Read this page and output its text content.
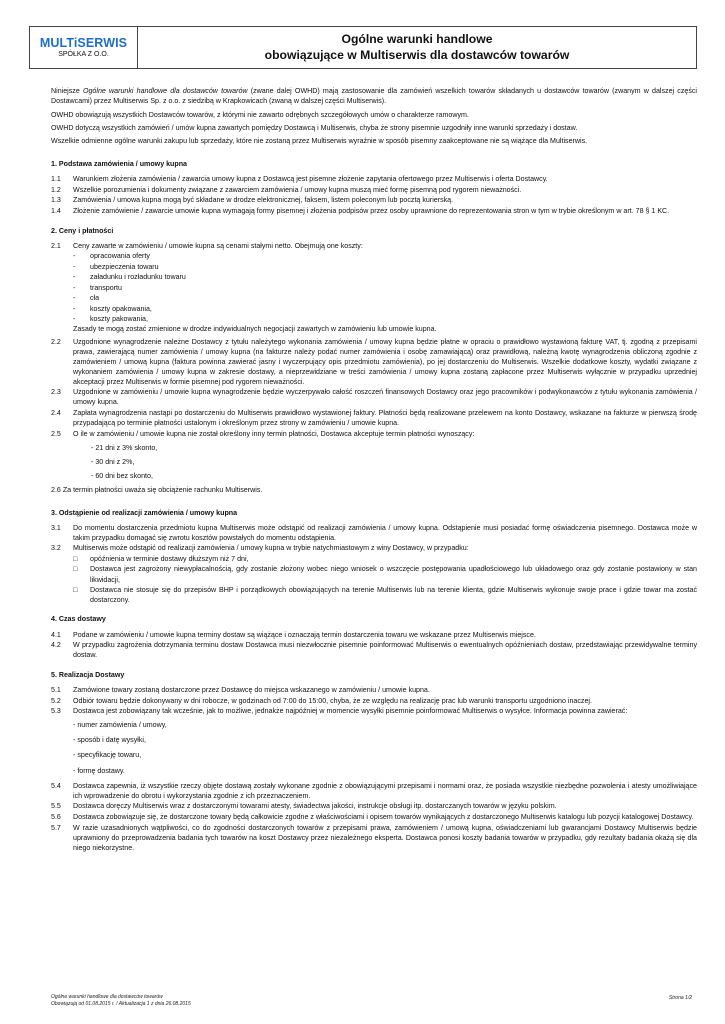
MULTiSERWIS
SPÓŁKA Z O.O.
Ogólne warunki handlowe
obowiązujące w Multiserwis dla dostawców towarów
Niniejsze Ogólne warunki handlowe dla dostawców towarów (zwane dalej OWHD) mają zastosowanie dla zamówień wszelkich towarów składanych u dostawców towarów (zwanym w dalszej części Dostawcami) przez Multiserwis Sp. z o.o. z siedzibą w Krapkowicach (zwaną w dalszej części Multiserwis).
OWHD obowiązują wszystkich Dostawców towarów, z którymi nie zawarto odrębnych szczegółowych umów o charakterze ramowym.
OWHD dotyczą wszystkich zamówień / umów kupna zawartych pomiędzy Dostawcą i Multiserwis, chyba że strony pisemnie uzgodniły inne warunki sprzedaży i dostaw.
Wszelkie odmienne ogólne warunki zakupu lub sprzedaży, które nie zostaną przez Multiserwis wyraźnie w sposób pisemny zaakceptowane nie są wiążące dla Multiserwis.
1. Podstawa zamówienia / umowy kupna
1.1	Warunkiem złożenia zamówienia / zawarcia umowy kupna z Dostawcą jest pisemne złożenie zapytania ofertowego przez Multiserwis i oferta Dostawcy.
1.2	Wszelkie porozumienia i dokumenty związane z zawarciem zamówienia / umowy kupna muszą mieć formę pisemną pod rygorem nieważności.
1.3	Zamówienia / umowa kupna mogą być składane w drodze elektronicznej, faksem, listem poleconym lub pocztą kurierską.
1.4	Złożenie zamówienie / zawarcie umowie kupna wymagają formy pisemnej i złożenia podpisów przez osoby uprawnione do reprezentowania stron w tym w trybie określonym w art. 78 § 1 KC.
2. Ceny i płatności
2.1	Ceny zawarte w zamówieniu / umowie kupna są cenami stałymi netto. Obejmują one koszty:
-	opracowania oferty
-	ubezpieczenia towaru
-	załadunku i rozładunku towaru
-	transportu
-	cła
-	koszty opakowania,
-	koszty pakowania,
Zasady te mogą zostać zmienione w drodze indywidualnych negocjacji zawartych w zamówieniu lub umowie kupna.
2.2	Uzgodnione wynagrodzenie należne Dostawcy z tytułu należytego wykonania zamówienia / umowy kupna będzie płatne w opraciu o prawidłowo wystawioną fakturę VAT, tj. zgodną z przepisami prawa, zawierającą numer zamówienia / umowy kupna (na fakturze należy podać numer zamówienia i osobę zamawiającą) oraz prawidłową, należną kwotę wynagrodzenia obliczoną zgodnie z zamówieniem / umową kupna (faktura powinna zawierać jasny i wyczerpujący opis przedmiotu zamówienia), po jej dostarczeniu do Multiserwis. Wszelkie dodatkowe koszty, wydatki związane z wykonaniem zamówienia / umowy kupna w zakresie dostawy, a nieprzewidziane w treści zamówienia / umowy kupna zostaną zapłacone przez Multiserwis wyłącznie w przypadku uprzedniej akceptacji przez Multiserwis w formie pisemnej pod rygorem nieważności.
2.3	Uzgodnione w zamówieniu / umowie kupna wynagrodzenie będzie wyczerpywało całość roszczeń finansowych Dostawcy oraz jego pracowników i podwykonawców z tytułu wykonania zamówienia / umowy kupna.
2.4	Zapłata wynagrodzenia nastąpi po dostarczeniu do Multiserwis prawidłowo wystawionej faktury. Płatności będą realizowane przelewem na konto Dostawcy, wskazane na fakturze w pierwszą środę przypadającą po terminie płatności ustalonym i określonym przez strony w zamówieniu / umowie kupna.
2.5	O ile w zamówieniu / umowie kupna nie został określony inny termin płatności, Dostawca akceptuje termin płatności wynoszący:
- 21 dni z 3% skonto,
- 30 dni z 2%,
- 60 dni bez skonto,
2.6 Za termin płatności uważa się obciążenie rachunku Multiserwis.
3. Odstąpienie od realizacji zamówienia / umowy kupna
3.1	Do momentu dostarczenia przedmiotu kupna Multiserwis może odstąpić od realizacji zamówienia / umowy kupna. Odstąpienie musi posiadać formę oświadczenia pisemnego. Dostawca może w takim przypadku domagać się zwrotu kosztów powstałych do momentu odstąpienia.
3.2	Multiserwis może odstąpić od realizacji zamówienia / umowy kupna w trybie natychmiastowym z winy Dostawcy, w przypadku:
□	opóźnienia w terminie dostawy dłuższym niż 7 dni,
□	Dostawca jest zagrożony niewypłacalnością, gdy zostanie złożony wobec niego wniosek o wszczęcie postępowania upadłościowego lub układowego oraz gdy zostanie postawiony w stan likwidacji,
□	Dostawca nie stosuje się do przepisów BHP i porządkowych obowiązujących na terenie Multiserwis lub na terenie klienta, gdzie Multiserwis wykonuje swoje prace i gdzie towar ma zostać dostarczony.
4. Czas dostawy
4.1	Podane w zamówieniu / umowie kupna terminy dostaw są wiążące i oznaczają termin dostarczenia towaru we wskazane przez Multiserwis miejsce.
4.2	W przypadku zagrożenia dotrzymania terminu dostaw Dostawca musi niezwłocznie pisemnie poinformować Multiserwis o ewentualnych opóźnieniach dostaw, przedstawiając przewidywalne terminy dostaw.
5. Realizacja Dostawy
5.1	Zamówione towary zostaną dostarczone przez Dostawcę do miejsca wskazanego w zamówieniu / umowie kupna.
5.2	Odbiór towaru będzie dokonywany w dni robocze, w godzinach od 7:00 do 15:00, chyba, że ze względu na realizację prac lub warunki transportu uzgodniono inaczej.
5.3	Dostawca jest zobowiązany tak wcześnie, jak to możliwe, jednakże najpóźniej w momencie wysyłki pisemnie poinformować Multiserwis o wysyłce. Informacja powinna zawierać:
- numer zamówienia / umowy,
- sposób i datę wysyłki,
- specyfikację towaru,
- formę dostawy.
5.4	Dostawca zapewnia, iż wszystkie rzeczy objęte dostawą zostały wykonane zgodnie z obowiązującymi przepisami i normami oraz, że posiada wszystkie niezbędne pozwolenia i atesty umożliwiające ich wprowadzenie do obrotu i wykorzystania zgodnie z ich przeznaczeniem.
5.5	Dostawca doręczy Multiserwis wraz z dostarczonymi towarami atesty, świadectwa jakości, instrukcje obsługi itp. dostarczanych towarów w języku polskim.
5.6	Dostawca zobowiązuje się, że dostarczone towary będą całkowicie zgodne z właściwościami i opisem towarów wynikających z dostarczonego Multiserwis katalogu lub pozycji katalogowej Dostawcy.
5.7	W razie uzasadnionych wątpliwości, co do zgodności dostarczonych towarów z przepisami prawa, zamówieniem / umową kupna, oświadczeniami lub gwarancjami Dostawcy Multiserwis będzie uprawniony do przeprowadzenia badania tych towarów na koszt Dostawcy przez niezależnego eksperta. Dostawca ponosi koszty badania towarów w przypadku, gdy rezultaty badania okażą się dla niego niekorzystne.
Ogólne warunki handlowe dla dostawców towarów
Obowiązują od 01.08.2015 r. / Aktualizacja 1 z dnia 26.08.2015
Strona 1/2
